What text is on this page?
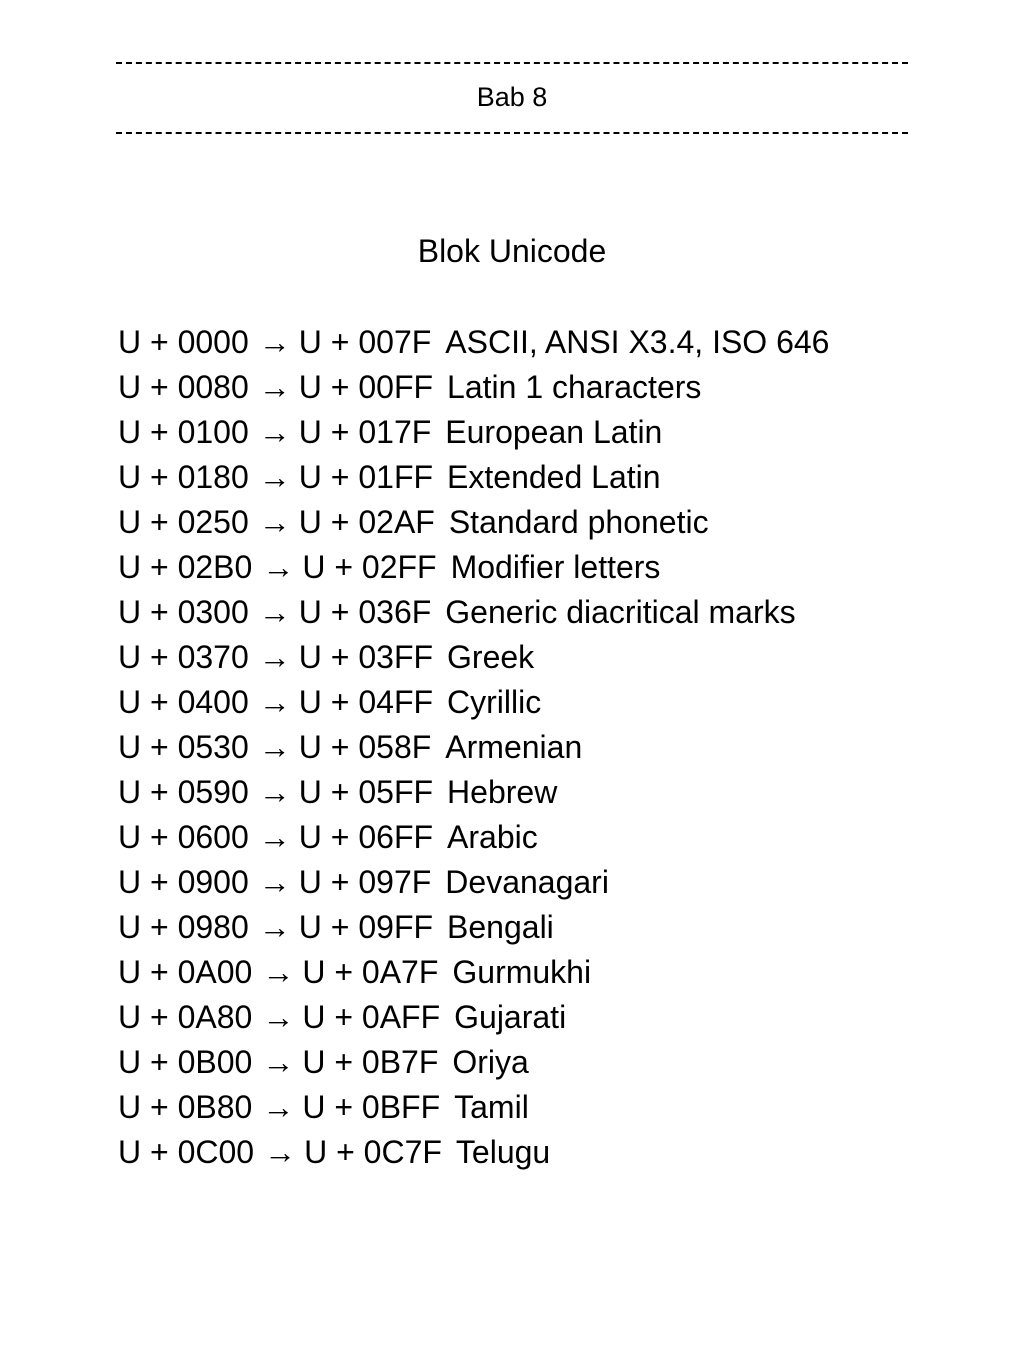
Bab 8
Blok Unicode
U + 0000 → U + 007F ASCII, ANSI X3.4, ISO 646
U + 0080 → U + 00FF Latin 1 characters
U + 0100 → U + 017F European Latin
U + 0180 → U + 01FF Extended Latin
U + 0250 → U + 02AF Standard phonetic
U + 02B0 → U + 02FF Modifier letters
U + 0300 → U + 036F Generic diacritical marks
U + 0370 → U + 03FF Greek
U + 0400 → U + 04FF Cyrillic
U + 0530 → U + 058F Armenian
U + 0590 → U + 05FF Hebrew
U + 0600 → U + 06FF Arabic
U + 0900 → U + 097F Devanagari
U + 0980 → U + 09FF Bengali
U + 0A00 → U + 0A7F Gurmukhi
U + 0A80 → U + 0AFF Gujarati
U + 0B00 → U + 0B7F Oriya
U + 0B80 → U + 0BFF Tamil
U + 0C00 → U + 0C7F Telugu
